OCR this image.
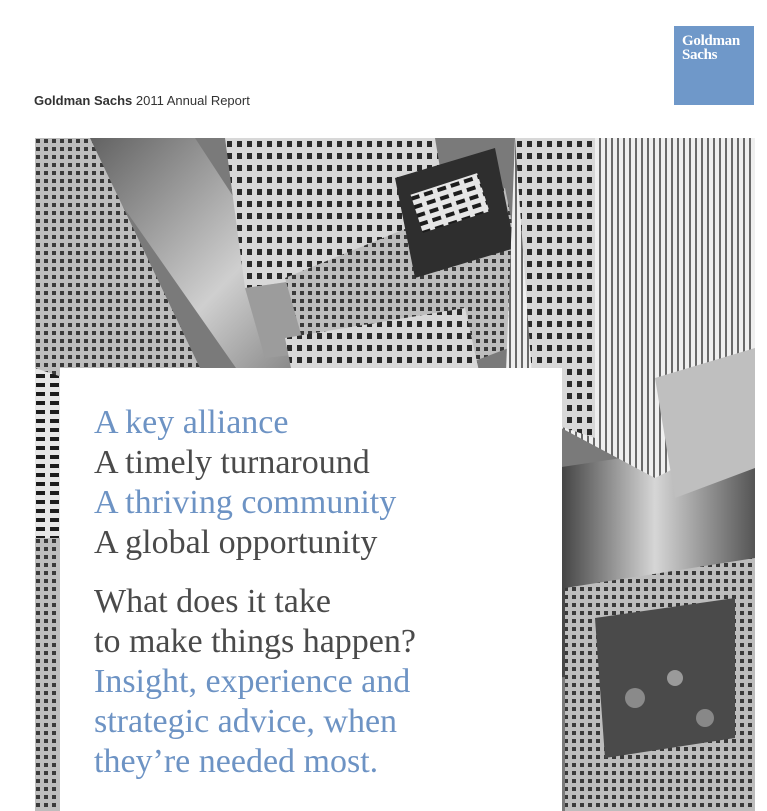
Goldman Sachs 2011 Annual Report
Goldman
Sachs
A key alliance
A timely turnaround
A thriving community
A global opportunity
What does it take
to make things happen?
Insight, experience and
strategic advice, when
they’re needed most.
